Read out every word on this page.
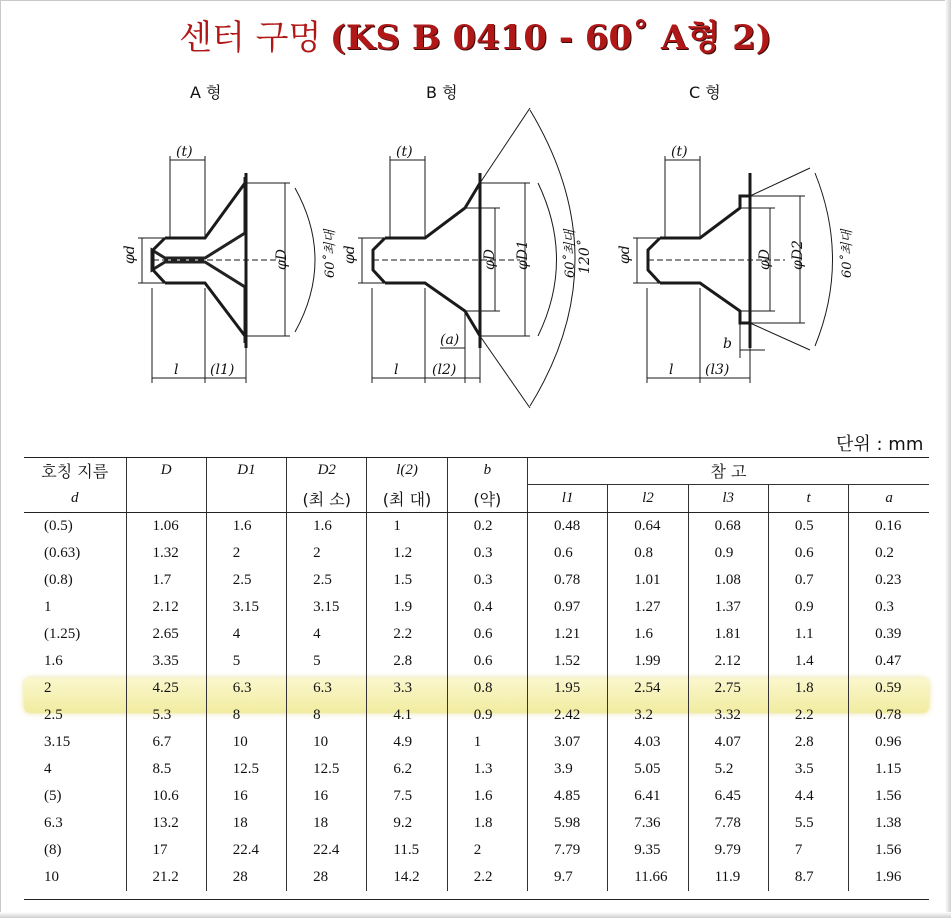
센터 구멍 (KS B 0410 - 60˚ A형 2)
A 형
(t)
φd	φD	60˚최대
l (l1)
B 형
(t)
φd	φD φD1 60˚최대 120˚
(a)
l (l2)
C 형
(t)
φd	φD φD2	60˚최대
b
l (l3)
단위 : mm
호칭 지름	D	D1	D2	l(2)	b	참 고				
d			(최 소)	(최 대)	(약)	l1	l2	l3	t	a
(0.5)	1.06	1.6	1.6	1	0.2	0.48	0.64	0.68	0.5	0.16
(0.63)	1.32	2	2	1.2	0.3	0.6	0.8	0.9	0.6	0.2
(0.8)	1.7	2.5	2.5	1.5	0.3	0.78	1.01	1.08	0.7	0.23
1	2.12	3.15	3.15	1.9	0.4	0.97	1.27	1.37	0.9	0.3
(1.25)	2.65	4	4	2.2	0.6	1.21	1.6	1.81	1.1	0.39
1.6	3.35	5	5	2.8	0.6	1.52	1.99	2.12	1.4	0.47
2	4.25	6.3	6.3	3.3	0.8	1.95	2.54	2.75	1.8	0.59
2.5	5.3	8	8	4.1	0.9	2.42	3.2	3.32	2.2	0.78
3.15	6.7	10	10	4.9	1	3.07	4.03	4.07	2.8	0.96
4	8.5	12.5	12.5	6.2	1.3	3.9	5.05	5.2	3.5	1.15
(5)	10.6	16	16	7.5	1.6	4.85	6.41	6.45	4.4	1.56
6.3	13.2	18	18	9.2	1.8	5.98	7.36	7.78	5.5	1.38
(8)	17	22.4	22.4	11.5	2	7.79	9.35	9.79	7	1.56
10	21.2	28	28	14.2	2.2	9.7	11.66	11.9	8.7	1.96
